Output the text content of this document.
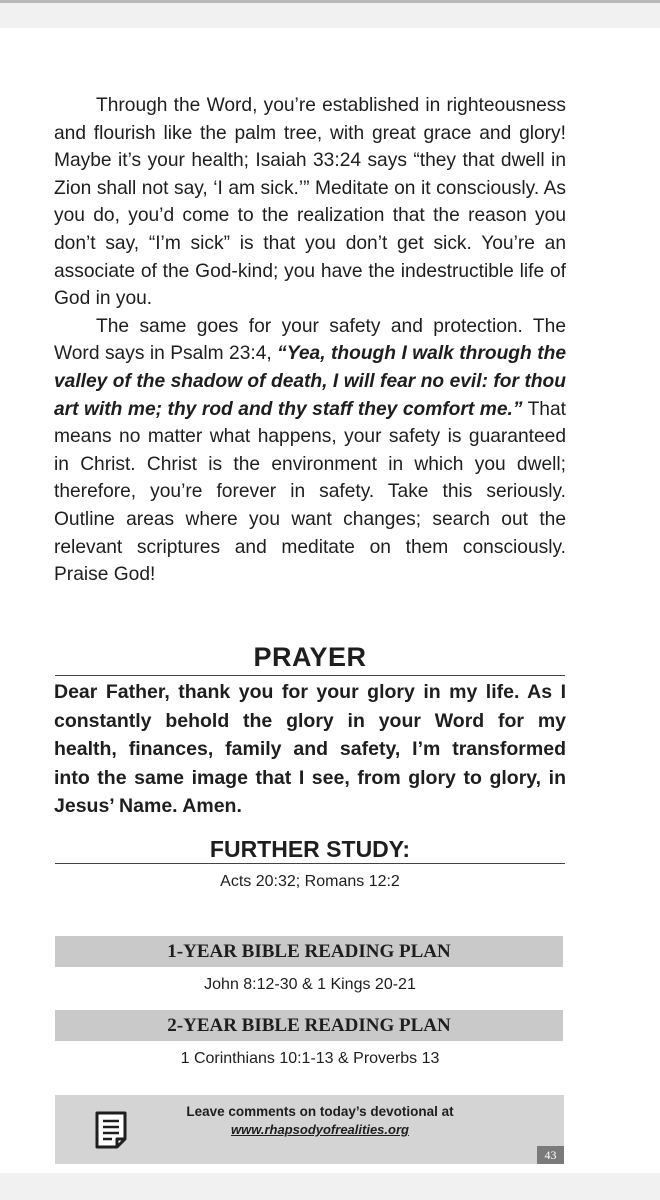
Through the Word, you’re established in righteousness and flourish like the palm tree, with great grace and glory! Maybe it’s your health; Isaiah 33:24 says “they that dwell in Zion shall not say, ‘I am sick.’” Meditate on it consciously. As you do, you’d come to the realization that the reason you don’t say, “I’m sick” is that you don’t get sick. You’re an associate of the God-kind; you have the indestructible life of God in you.

The same goes for your safety and protection. The Word says in Psalm 23:4, “Yea, though I walk through the valley of the shadow of death, I will fear no evil: for thou art with me; thy rod and thy staff they comfort me.” That means no matter what happens, your safety is guaranteed in Christ. Christ is the environment in which you dwell; therefore, you’re forever in safety. Take this seriously. Outline areas where you want changes; search out the relevant scriptures and meditate on them consciously. Praise God!

PRAYER
Dear Father, thank you for your glory in my life. As I constantly behold the glory in your Word for my health, finances, family and safety, I’m transformed into the same image that I see, from glory to glory, in Jesus’ Name. Amen.
FURTHER STUDY:
Acts 20:32; Romans 12:2
1-YEAR BIBLE READING PLAN
John 8:12-30 & 1 Kings 20-21
2-YEAR BIBLE READING PLAN
1 Corinthians 10:1-13 & Proverbs 13
Leave comments on today’s devotional at
www.rhapsodyofrealities.org
43
